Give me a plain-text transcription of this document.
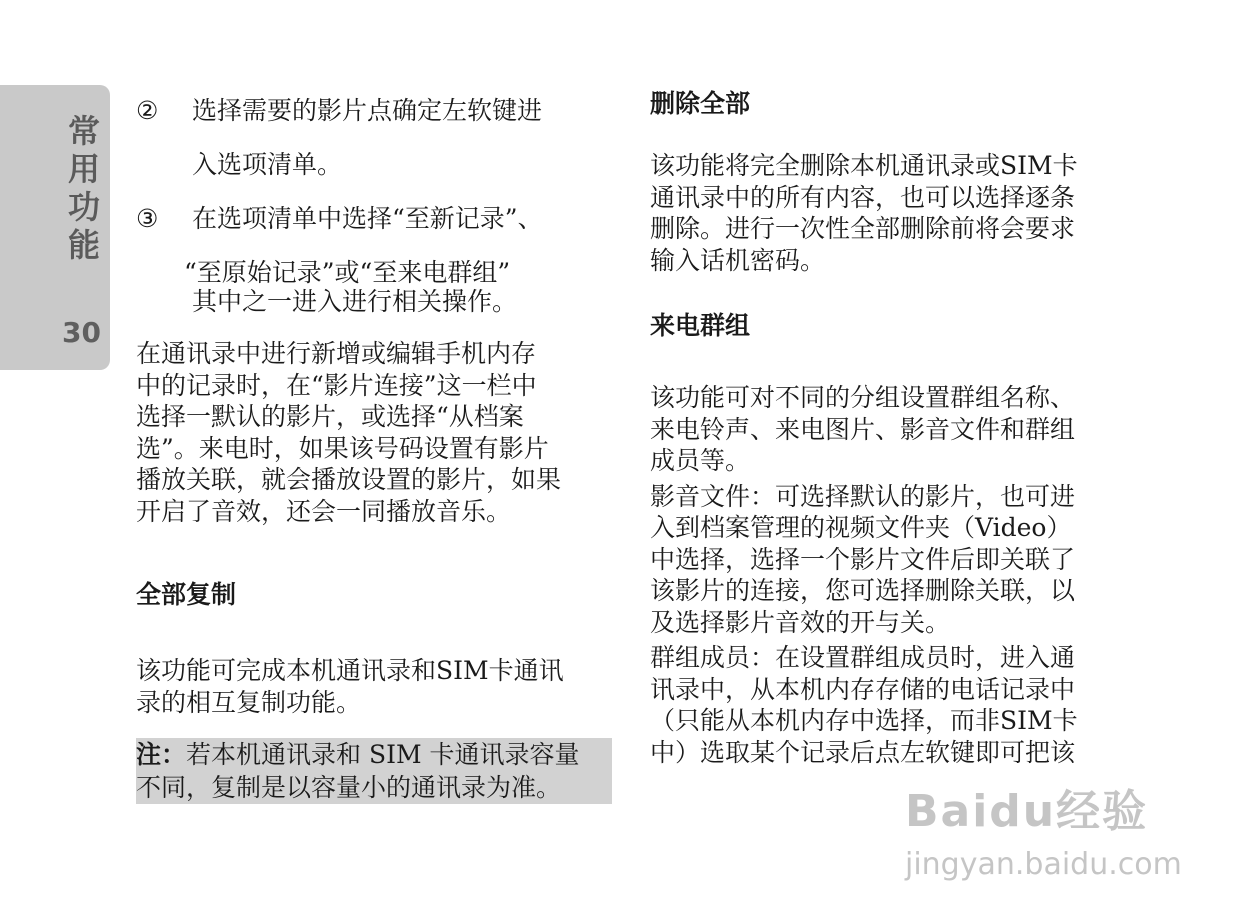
常
用
功
能
30
② 选择需要的影片点确定左软键进
入选项清单。
③ 在选项清单中选择“至新记录”、
“至原始记录”或“至来电群组”
其中之一进入进行相关操作。

在通讯录中进行新增或编辑手机内存

中的记录时，在“影片连接”这一栏中

选择一默认的影片，或选择“从档案

选”。来电时，如果该号码设置有影片

播放关联，就会播放设置的影片，如果

开启了音效，还会一同播放音乐。

全部复制

该功能可完成本机通讯录和SIM卡通讯

录的相互复制功能。

注：若本机通讯录和 SIM 卡通讯录容量
不同，复制是以容量小的通讯录为准。
删除全部

该功能将完全删除本机通讯录或SIM卡

通讯录中的所有内容，也可以选择逐条

删除。进行一次性全部删除前将会要求

输入话机密码。

来电群组

该功能可对不同的分组设置群组名称、

来电铃声、来电图片、影音文件和群组

成员等。

影音文件：可选择默认的影片，也可进

入到档案管理的视频文件夹（Video）

中选择，选择一个影片文件后即关联了

该影片的连接，您可选择删除关联，以

及选择影片音效的开与关。

群组成员：在设置群组成员时，进入通

讯录中，从本机内存存储的电话记录中

（只能从本机内存中选择，而非SIM卡

中）选取某个记录后点左软键即可把该

Baidu经验
jingyan.baidu.com
